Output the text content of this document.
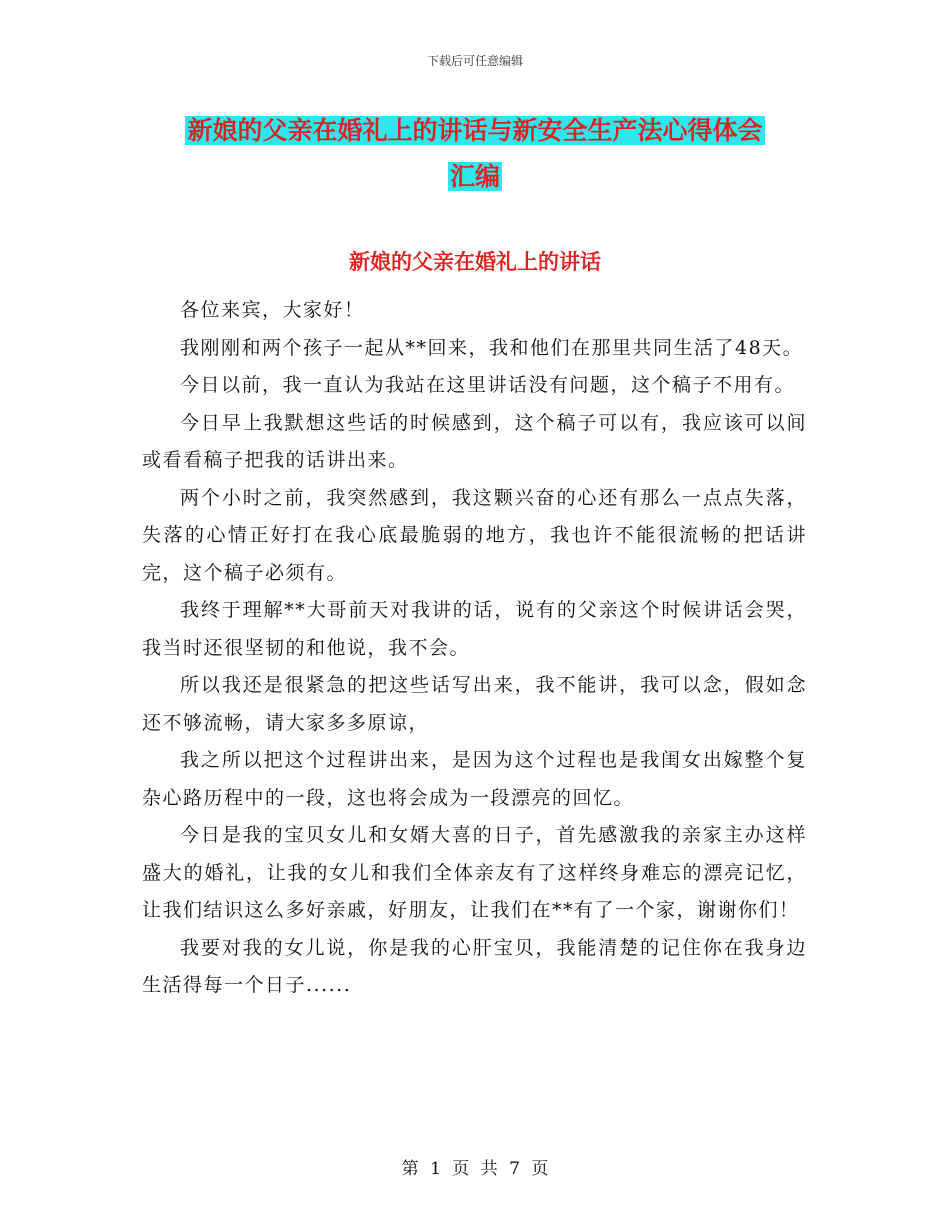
下载后可任意编辑
新娘的父亲在婚礼上的讲话与新安全生产法心得体会
汇编
新娘的父亲在婚礼上的讲话

各位来宾，大家好！

我刚刚和两个孩子一起从**回来，我和他们在那里共同生活了48天。

今日以前，我一直认为我站在这里讲话没有问题，这个稿子不用有。

今日早上我默想这些话的时候感到，这个稿子可以有，我应该可以间或看看稿子把我的话讲出来。

两个小时之前，我突然感到，我这颗兴奋的心还有那么一点点失落，失落的心情正好打在我心底最脆弱的地方，我也许不能很流畅的把话讲完，这个稿子必须有。

我终于理解**大哥前天对我讲的话，说有的父亲这个时候讲话会哭，我当时还很坚韧的和他说，我不会。

所以我还是很紧急的把这些话写出来，我不能讲，我可以念，假如念还不够流畅，请大家多多原谅，

我之所以把这个过程讲出来，是因为这个过程也是我闺女出嫁整个复杂心路历程中的一段，这也将会成为一段漂亮的回忆。

今日是我的宝贝女儿和女婿大喜的日子，首先感激我的亲家主办这样盛大的婚礼，让我的女儿和我们全体亲友有了这样终身难忘的漂亮记忆，让我们结识这么多好亲戚，好朋友，让我们在**有了一个家，谢谢你们！

我要对我的女儿说，你是我的心肝宝贝，我能清楚的记住你在我身边生活得每一个日子......

第 1 页 共 7 页
